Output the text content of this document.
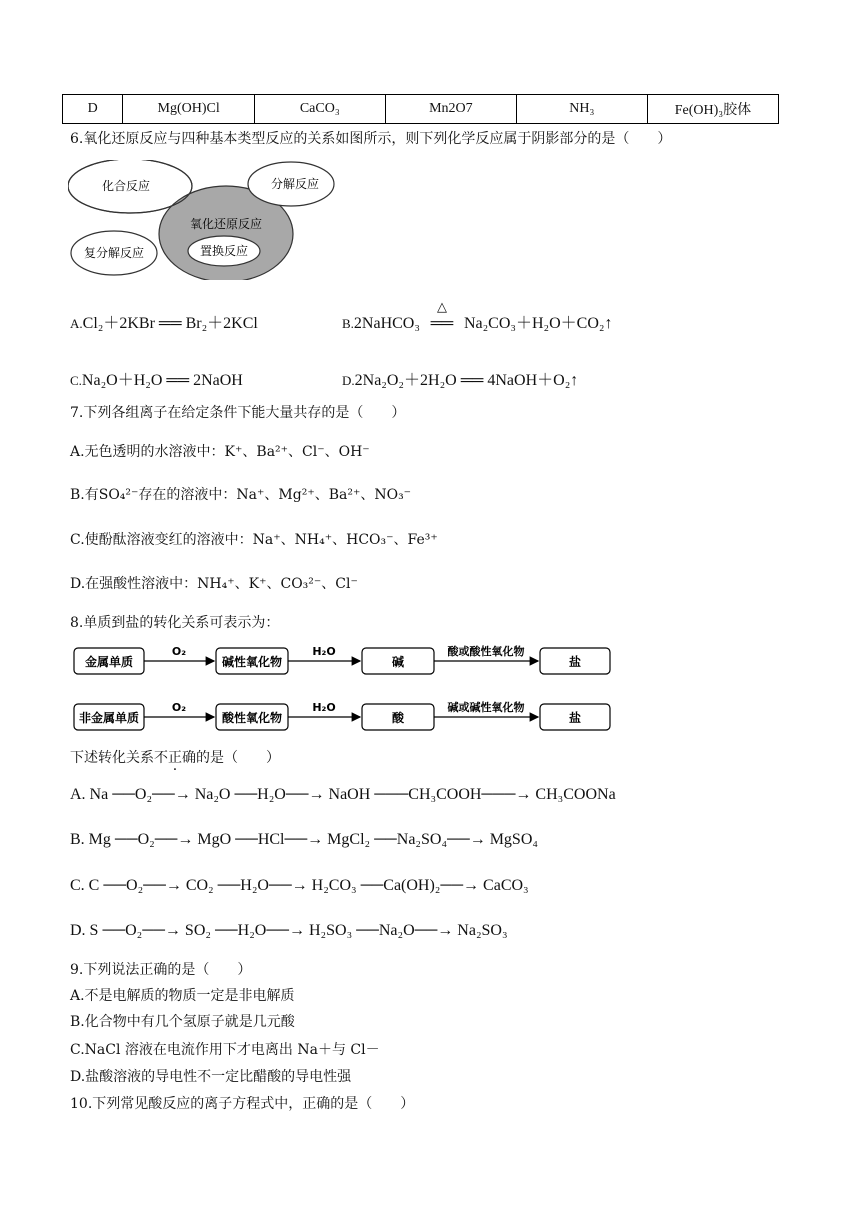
D	Mg(OH)Cl	CaCO₃	Mn2O7	NH₃	Fe(OH)₃胶体
6.氧化还原反应与四种基本类型反应的关系如图所示，则下列化学反应属于阴影部分的是（　　）
化合反应	分解反应
氧化还原反应
置换反应
复分解反应
A.Cl₂＋2KBr ══ Br₂＋2KCl	B.2NaHCO₃
△
══ Na₂CO₃＋H₂O＋CO₂↑
C.Na₂O＋H₂O ══ 2NaOH	D.2Na₂O₂＋2H₂O ══ 4NaOH＋O₂↑
7.下列各组离子在给定条件下能大量共存的是（　　）
A.无色透明的水溶液中：K⁺、Ba²⁺、Cl⁻、OH⁻
B.有SO₄²⁻存在的溶液中：Na⁺、Mg²⁺、Ba²⁺、NO₃⁻
C.使酚酞溶液变红的溶液中：Na⁺、NH₄⁺、HCO₃⁻、Fe³⁺
D.在强酸性溶液中：NH₄⁺、K⁺、CO₃²⁻、Cl⁻
8.单质到盐的转化关系可表示为：
金属单质	碱性氧化物	碱	盐
O₂	H₂O	酸或酸性氧化物
非金属单质	酸性氧化物	酸	盐
O₂	H₂O	碱或碱性氧化物
下述转化关系不正确的是（　　）
A. Na ──O₂──→ Na₂O ──H₂O──→ NaOH ───CH₃COOH───→ CH₃COONa
B. Mg ──O₂──→ MgO ──HCl──→ MgCl₂ ──Na₂SO₄──→ MgSO₄
C. C ──O₂──→ CO₂ ──H₂O──→ H₂CO₃ ──Ca(OH)₂──→ CaCO₃
D. S ──O₂──→ SO₂ ──H₂O──→ H₂SO₃ ──Na₂O──→ Na₂SO₃
9.下列说法正确的是（　　）
A.不是电解质的物质一定是非电解质
B.化合物中有几个氢原子就是几元酸
C.NaCl 溶液在电流作用下才电离出 Na＋与 Cl－
D.盐酸溶液的导电性不一定比醋酸的导电性强
10.下列常见酸反应的离子方程式中，正确的是（　　）
